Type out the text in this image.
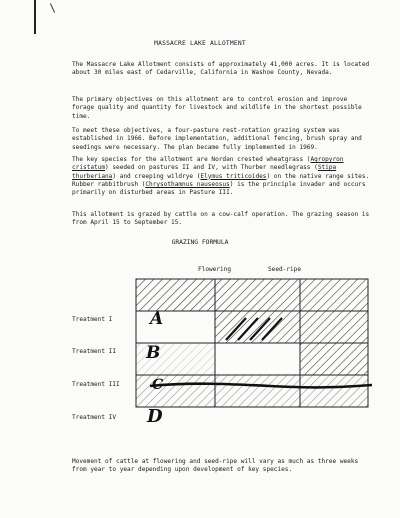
MASSACRE LAKE ALLOTMENT

The Massacre Lake Allotment consists of approximately 41,000 acres. It is located about 30 miles east of Cedarville, California in Washoe County, Nevada.

The primary objectives on this allotment are to control erosion and improve forage quality and quantity for livestock and wildlife in the shortest possible time.

To meet these objectives, a four-pasture rest-rotation grazing system was established in 1966. Before implementation, additional fencing, brush spray and seedings were necessary. The plan became fully implemented in 1969.

The key species for the allotment are Nordan crested wheatgrass (Agropyron cristatum) seeded on pastures II and IV, with Thurber needlegrass (Stipa thurberiana) and creeping wildrye (Elymus triticoides) on the native range sites. Rubber rabbitbrush (Chrysothamnus nauseosus) is the principle invader and occurs primarily on disturbed areas in Pasture III.

This allotment is grazed by cattle on a cow-calf operation. The grazing season is from April 15 to September 15.

GRAZING FORMULA
Flowering	Seed-ripe
Treatment I
Treatment II
Treatment III
Treatment IV
A
B
C
D

Movement of cattle at flowering and seed-ripe will vary as much as three weeks from year to year depending upon development of key species.
